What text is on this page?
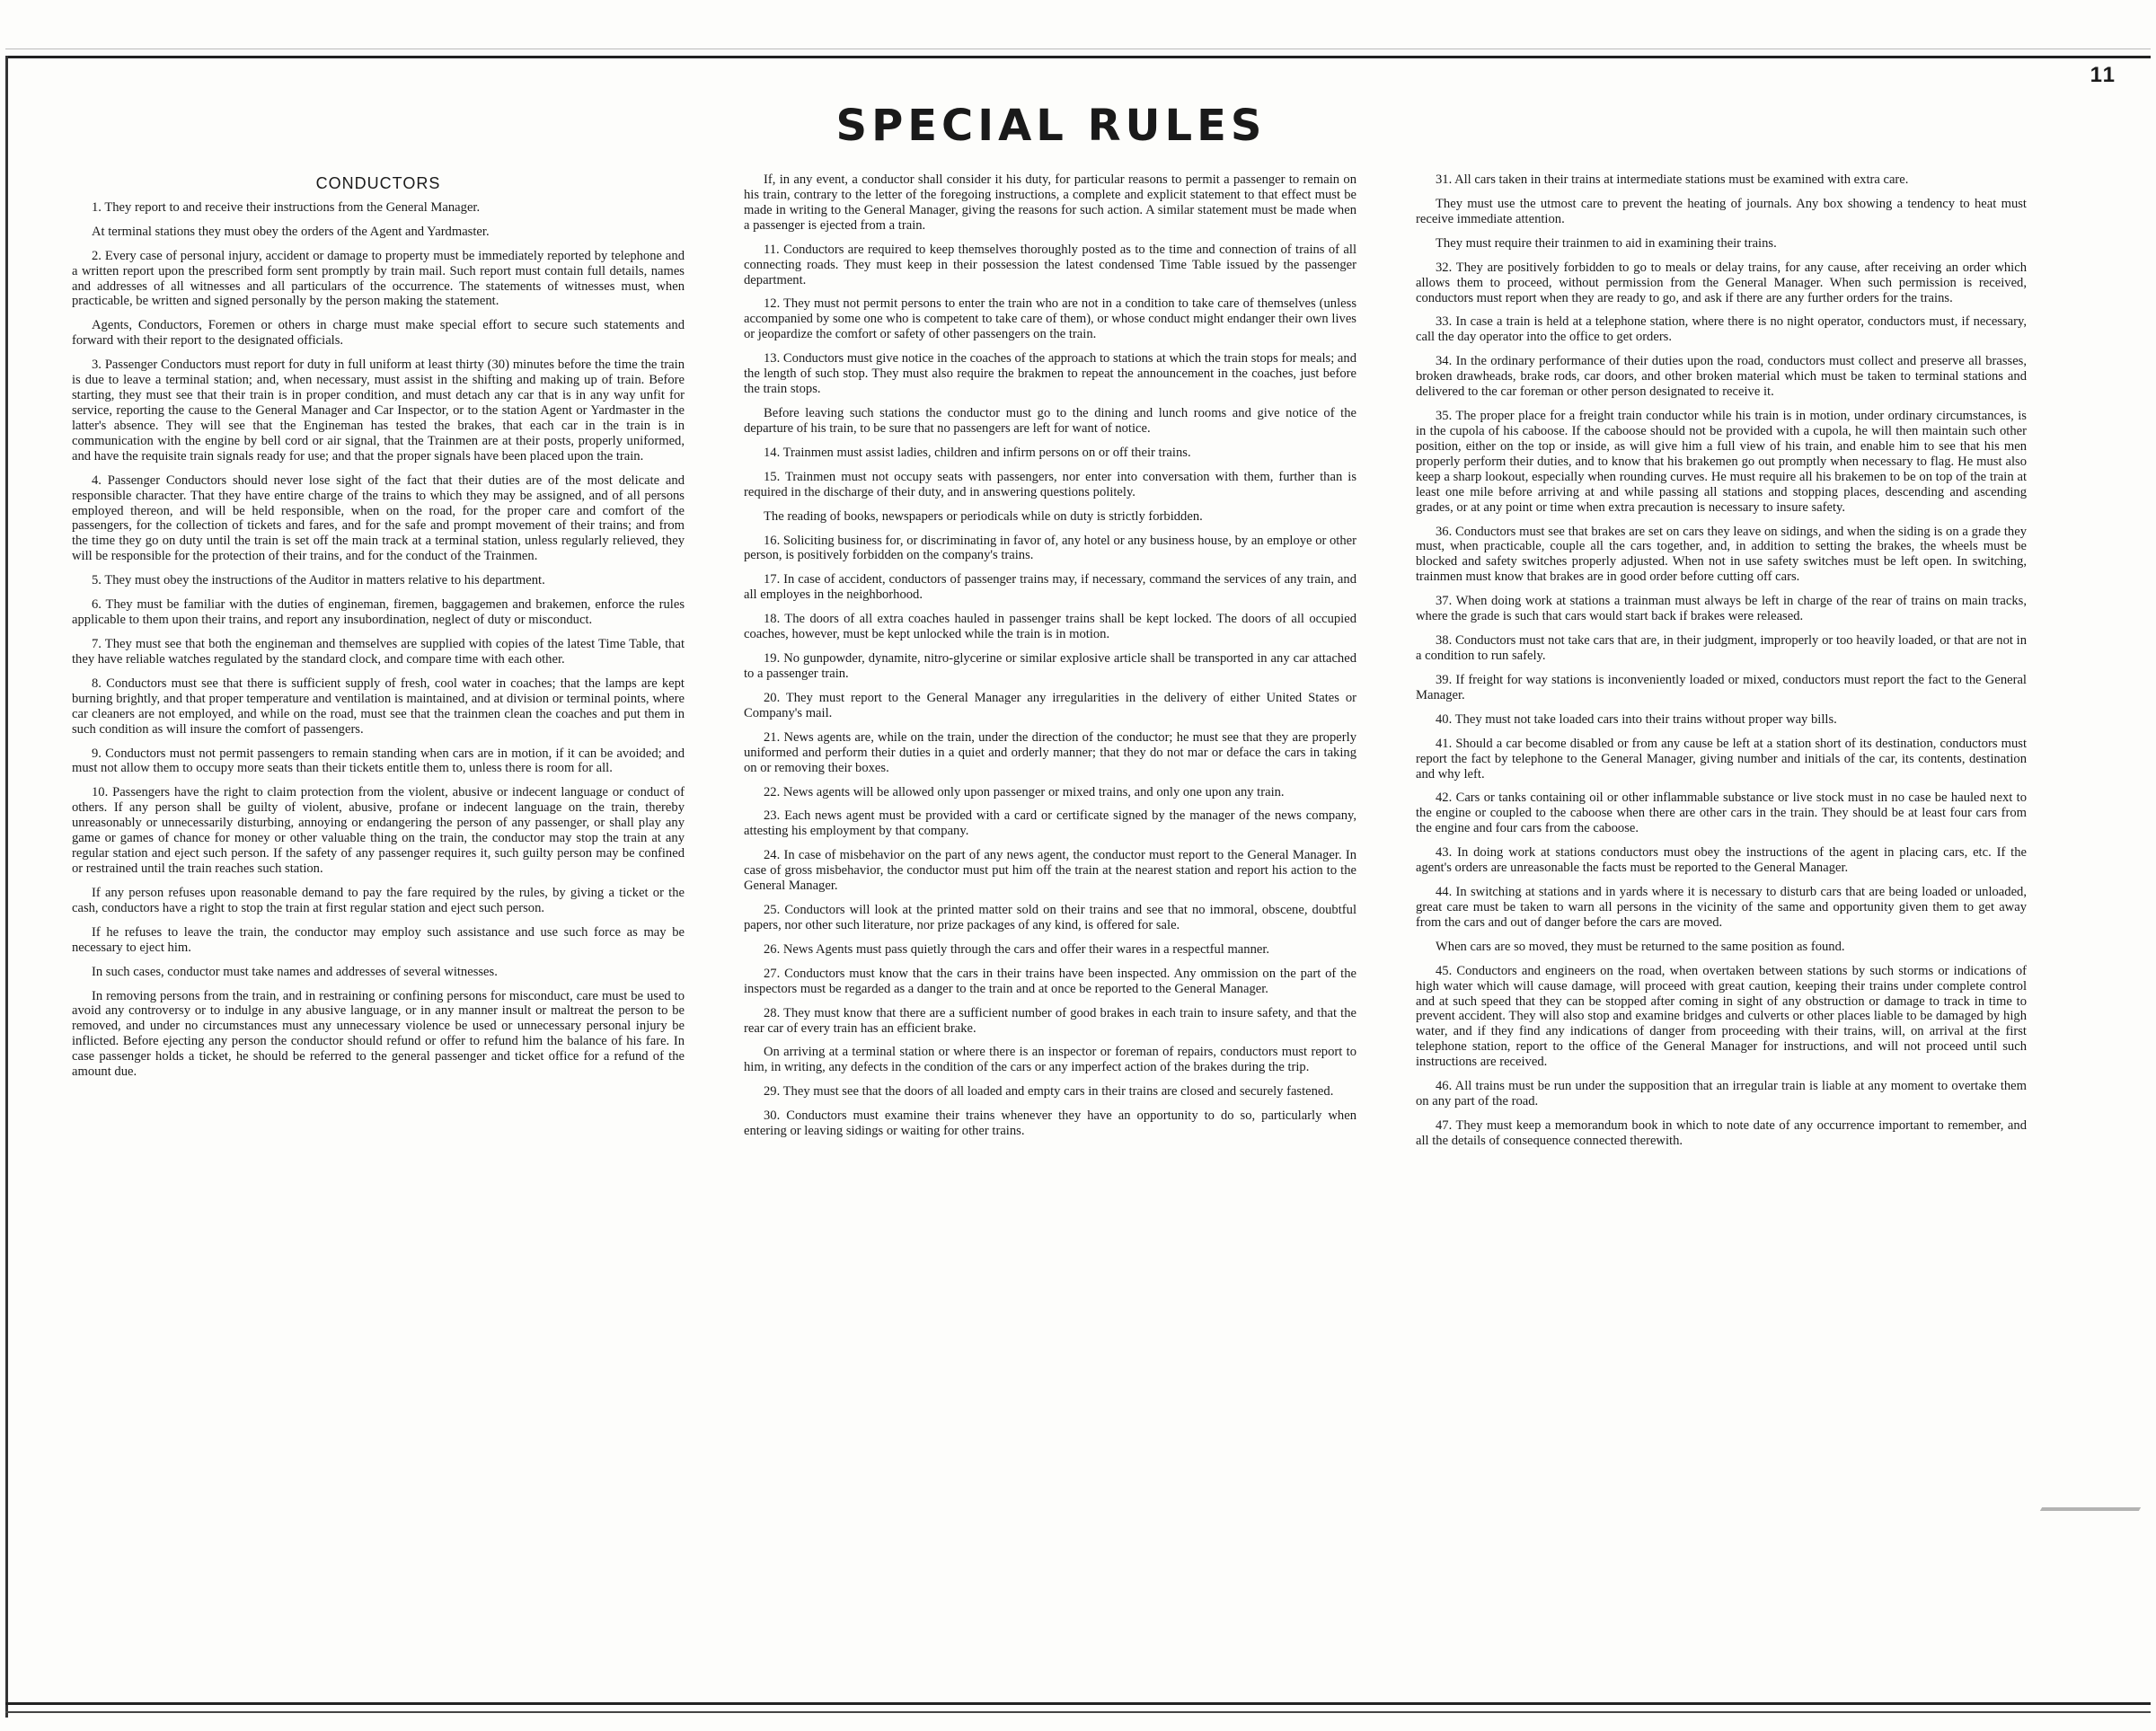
11
SPECIAL RULES
CONDUCTORS

1. They report to and receive their instructions from the General Manager.

At terminal stations they must obey the orders of the Agent and Yardmaster.

2. Every case of personal injury, accident or damage to property must be immediately reported by telephone and a written report upon the prescribed form sent promptly by train mail. Such report must contain full details, names and addresses of all witnesses and all particulars of the occurrence. The statements of witnesses must, when practicable, be written and signed personally by the person making the statement.

Agents, Conductors, Foremen or others in charge must make special effort to secure such statements and forward with their report to the designated officials.

3. Passenger Conductors must report for duty in full uniform at least thirty (30) minutes before the time the train is due to leave a terminal station; and, when necessary, must assist in the shifting and making up of train. Before starting, they must see that their train is in proper condition, and must detach any car that is in any way unfit for service, reporting the cause to the General Manager and Car Inspector, or to the station Agent or Yardmaster in the latter's absence. They will see that the Engineman has tested the brakes, that each car in the train is in communication with the engine by bell cord or air signal, that the Trainmen are at their posts, properly uniformed, and have the requisite train signals ready for use; and that the proper signals have been placed upon the train.

4. Passenger Conductors should never lose sight of the fact that their duties are of the most delicate and responsible character. That they have entire charge of the trains to which they may be assigned, and of all persons employed thereon, and will be held responsible, when on the road, for the proper care and comfort of the passengers, for the collection of tickets and fares, and for the safe and prompt movement of their trains; and from the time they go on duty until the train is set off the main track at a terminal station, unless regularly relieved, they will be responsible for the protection of their trains, and for the conduct of the Trainmen.

5. They must obey the instructions of the Auditor in matters relative to his department.

6. They must be familiar with the duties of engineman, firemen, baggagemen and brakemen, enforce the rules applicable to them upon their trains, and report any insubordination, neglect of duty or misconduct.

7. They must see that both the engineman and themselves are supplied with copies of the latest Time Table, that they have reliable watches regulated by the standard clock, and compare time with each other.

8. Conductors must see that there is sufficient supply of fresh, cool water in coaches; that the lamps are kept burning brightly, and that proper temperature and ventilation is maintained, and at division or terminal points, where car cleaners are not employed, and while on the road, must see that the trainmen clean the coaches and put them in such condition as will insure the comfort of passengers.

9. Conductors must not permit passengers to remain standing when cars are in motion, if it can be avoided; and must not allow them to occupy more seats than their tickets entitle them to, unless there is room for all.

10. Passengers have the right to claim protection from the violent, abusive or indecent language or conduct of others. If any person shall be guilty of violent, abusive, profane or indecent language on the train, thereby unreasonably or unnecessarily disturbing, annoying or endangering the person of any passenger, or shall play any game or games of chance for money or other valuable thing on the train, the conductor may stop the train at any regular station and eject such person. If the safety of any passenger requires it, such guilty person may be confined or restrained until the train reaches such station.

If any person refuses upon reasonable demand to pay the fare required by the rules, by giving a ticket or the cash, conductors have a right to stop the train at first regular station and eject such person.

If he refuses to leave the train, the conductor may employ such assistance and use such force as may be necessary to eject him.

In such cases, conductor must take names and addresses of several witnesses.

In removing persons from the train, and in restraining or confining persons for misconduct, care must be used to avoid any controversy or to indulge in any abusive language, or in any manner insult or maltreat the person to be removed, and under no circumstances must any unnecessary violence be used or unnecessary personal injury be inflicted. Before ejecting any person the conductor should refund or offer to refund him the balance of his fare. In case passenger holds a ticket, he should be referred to the general passenger and ticket office for a refund of the amount due.

If, in any event, a conductor shall consider it his duty, for particular reasons to permit a passenger to remain on his train, contrary to the letter of the foregoing instructions, a complete and explicit statement to that effect must be made in writing to the General Manager, giving the reasons for such action. A similar statement must be made when a passenger is ejected from a train.

11. Conductors are required to keep themselves thoroughly posted as to the time and connection of trains of all connecting roads. They must keep in their possession the latest condensed Time Table issued by the passenger department.

12. They must not permit persons to enter the train who are not in a condition to take care of themselves (unless accompanied by some one who is competent to take care of them), or whose conduct might endanger their own lives or jeopardize the comfort or safety of other passengers on the train.

13. Conductors must give notice in the coaches of the approach to stations at which the train stops for meals; and the length of such stop. They must also require the brakmen to repeat the announcement in the coaches, just before the train stops.

Before leaving such stations the conductor must go to the dining and lunch rooms and give notice of the departure of his train, to be sure that no passengers are left for want of notice.

14. Trainmen must assist ladies, children and infirm persons on or off their trains.

15. Trainmen must not occupy seats with passengers, nor enter into conversation with them, further than is required in the discharge of their duty, and in answering questions politely.

The reading of books, newspapers or periodicals while on duty is strictly forbidden.

16. Soliciting business for, or discriminating in favor of, any hotel or any business house, by an employe or other person, is positively forbidden on the company's trains.

17. In case of accident, conductors of passenger trains may, if necessary, command the services of any train, and all employes in the neighborhood.

18. The doors of all extra coaches hauled in passenger trains shall be kept locked. The doors of all occupied coaches, however, must be kept unlocked while the train is in motion.

19. No gunpowder, dynamite, nitro-glycerine or similar explosive article shall be transported in any car attached to a passenger train.

20. They must report to the General Manager any irregularities in the delivery of either United States or Company's mail.

21. News agents are, while on the train, under the direction of the conductor; he must see that they are properly uniformed and perform their duties in a quiet and orderly manner; that they do not mar or deface the cars in taking on or removing their boxes.

22. News agents will be allowed only upon passenger or mixed trains, and only one upon any train.

23. Each news agent must be provided with a card or certificate signed by the manager of the news company, attesting his employment by that company.

24. In case of misbehavior on the part of any news agent, the conductor must report to the General Manager. In case of gross misbehavior, the conductor must put him off the train at the nearest station and report his action to the General Manager.

25. Conductors will look at the printed matter sold on their trains and see that no immoral, obscene, doubtful papers, nor other such literature, nor prize packages of any kind, is offered for sale.

26. News Agents must pass quietly through the cars and offer their wares in a respectful manner.

27. Conductors must know that the cars in their trains have been inspected. Any ommission on the part of the inspectors must be regarded as a danger to the train and at once be reported to the General Manager.

28. They must know that there are a sufficient number of good brakes in each train to insure safety, and that the rear car of every train has an efficient brake.

On arriving at a terminal station or where there is an inspector or foreman of repairs, conductors must report to him, in writing, any defects in the condition of the cars or any imperfect action of the brakes during the trip.

29. They must see that the doors of all loaded and empty cars in their trains are closed and securely fastened.

30. Conductors must examine their trains whenever they have an opportunity to do so, particularly when entering or leaving sidings or waiting for other trains.

31. All cars taken in their trains at intermediate stations must be examined with extra care.

They must use the utmost care to prevent the heating of journals. Any box showing a tendency to heat must receive immediate attention.

They must require their trainmen to aid in examining their trains.

32. They are positively forbidden to go to meals or delay trains, for any cause, after receiving an order which allows them to proceed, without permission from the General Manager. When such permission is received, conductors must report when they are ready to go, and ask if there are any further orders for the trains.

33. In case a train is held at a telephone station, where there is no night operator, conductors must, if necessary, call the day operator into the office to get orders.

34. In the ordinary performance of their duties upon the road, conductors must collect and preserve all brasses, broken drawheads, brake rods, car doors, and other broken material which must be taken to terminal stations and delivered to the car foreman or other person designated to receive it.

35. The proper place for a freight train conductor while his train is in motion, under ordinary circumstances, is in the cupola of his caboose. If the caboose should not be provided with a cupola, he will then maintain such other position, either on the top or inside, as will give him a full view of his train, and enable him to see that his men properly perform their duties, and to know that his brakemen go out promptly when necessary to flag. He must also keep a sharp lookout, especially when rounding curves. He must require all his brakemen to be on top of the train at least one mile before arriving at and while passing all stations and stopping places, descending and ascending grades, or at any point or time when extra precaution is necessary to insure safety.

36. Conductors must see that brakes are set on cars they leave on sidings, and when the siding is on a grade they must, when practicable, couple all the cars together, and, in addition to setting the brakes, the wheels must be blocked and safety switches properly adjusted. When not in use safety switches must be left open. In switching, trainmen must know that brakes are in good order before cutting off cars.

37. When doing work at stations a trainman must always be left in charge of the rear of trains on main tracks, where the grade is such that cars would start back if brakes were released.

38. Conductors must not take cars that are, in their judgment, improperly or too heavily loaded, or that are not in a condition to run safely.

39. If freight for way stations is inconveniently loaded or mixed, conductors must report the fact to the General Manager.

40. They must not take loaded cars into their trains without proper way bills.

41. Should a car become disabled or from any cause be left at a station short of its destination, conductors must report the fact by telephone to the General Manager, giving number and initials of the car, its contents, destination and why left.

42. Cars or tanks containing oil or other inflammable substance or live stock must in no case be hauled next to the engine or coupled to the caboose when there are other cars in the train. They should be at least four cars from the engine and four cars from the caboose.

43. In doing work at stations conductors must obey the instructions of the agent in placing cars, etc. If the agent's orders are unreasonable the facts must be reported to the General Manager.

44. In switching at stations and in yards where it is necessary to disturb cars that are being loaded or unloaded, great care must be taken to warn all persons in the vicinity of the same and opportunity given them to get away from the cars and out of danger before the cars are moved.

When cars are so moved, they must be returned to the same position as found.

45. Conductors and engineers on the road, when overtaken between stations by such storms or indications of high water which will cause damage, will proceed with great caution, keeping their trains under complete control and at such speed that they can be stopped after coming in sight of any obstruction or damage to track in time to prevent accident. They will also stop and examine bridges and culverts or other places liable to be damaged by high water, and if they find any indications of danger from proceeding with their trains, will, on arrival at the first telephone station, report to the office of the General Manager for instructions, and will not proceed until such instructions are received.

46. All trains must be run under the supposition that an irregular train is liable at any moment to overtake them on any part of the road.

47. They must keep a memorandum book in which to note date of any occurrence important to remember, and all the details of consequence connected therewith.
